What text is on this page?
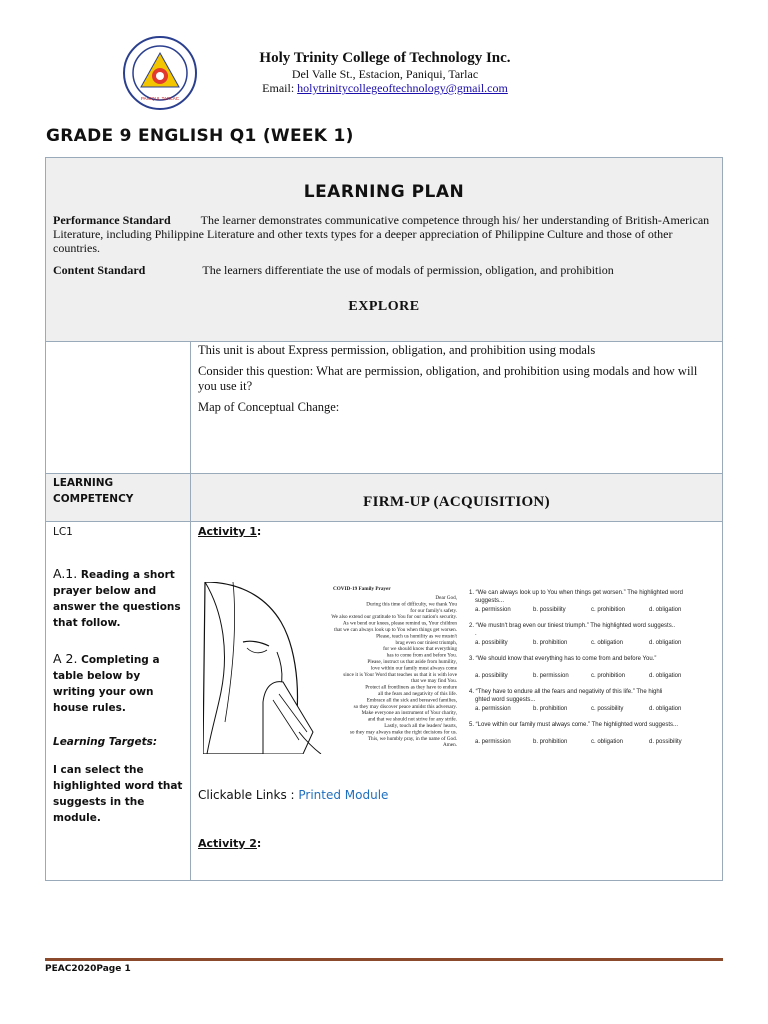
PANIQUI, TARLAC
Holy Trinity College of Technology Inc.
Del Valle St., Estacion, Paniqui, Tarlac
Email: holytrinitycollegeoftechnology@gmail.com
GRADE 9 ENGLISH Q1 (WEEK 1)
LEARNING PLAN
Performance Standard	The learner demonstrates communicative competence through his/ her understanding of British-American Literature, including Philippine Literature and other texts types for a deeper appreciation of Philippine Culture and those of other countries.
Content Standard	The learners differentiate the use of modals of permission, obligation, and prohibition
EXPLORE

This unit is about Express permission, obligation, and prohibition using modals

Consider this question: What are permission, obligation, and prohibition using modals and how will you use it?

Map of Conceptual Change:

LEARNING COMPETENCY	FIRM-UP (ACQUISITION)
LC1
A.1. Reading a short prayer below and answer the questions that follow.
A 2. Completing a table below by writing your own house rules.
Learning Targets:
I can select the highlighted word that suggests in the module.
Activity 1:
COVID-19 Family Prayer
Dear God,
During this time of difficulty, we thank You
for our family's safety.
We also extend our gratitude to You for our nation's security.
As we bend our knees, please remind us, Your children
that we can always look up to You when things get worsen.
Please, teach us humility as we mustn't
brag even our tiniest triumph,
for we should know that everything
has to come from and before You.
Please, instruct us that aside from humility,
love within our family must always come
since it is Your Word that teaches us that it is with love
that we may find You.
Protect all frontliners as they have to endure
all the fears and negativity of this life.
Embrace all the sick and bereaved families,
so they may discover peace amidst this adversary.
Make everyone an instrument of Your charity,
and that we should not strive for any strife.
Lastly, touch all the leaders' hearts,
so they may always make the right decisions for us.
This, we humbly pray, in the name of God.
Amen.
1. “We can always look up to You when things get worsen.” The highlighted word
suggests...
a. permission	b. possibility	c. prohibition	d. obligation
2. “We mustn't brag even our tiniest triumph.” The highlighted word suggests..
.
a. possibility	b. prohibition	c. obligation	d. obligation
3. “We should know that everything has to come from and before You.”
a. possibility	b. permission	c. prohibition	d. obligation
4. “They have to endure all the fears and negativity of this life.” The highli
ghted word suggests...
a. permission	b. prohibition	c. possibility	d. obligation
5. “Love within our family must always come.” The highlighted word suggests...
a. permission	b. prohibition	c. obligation	d. possibility
Clickable Links : Printed Module
Activity 2:
PEAC2020Page 1
